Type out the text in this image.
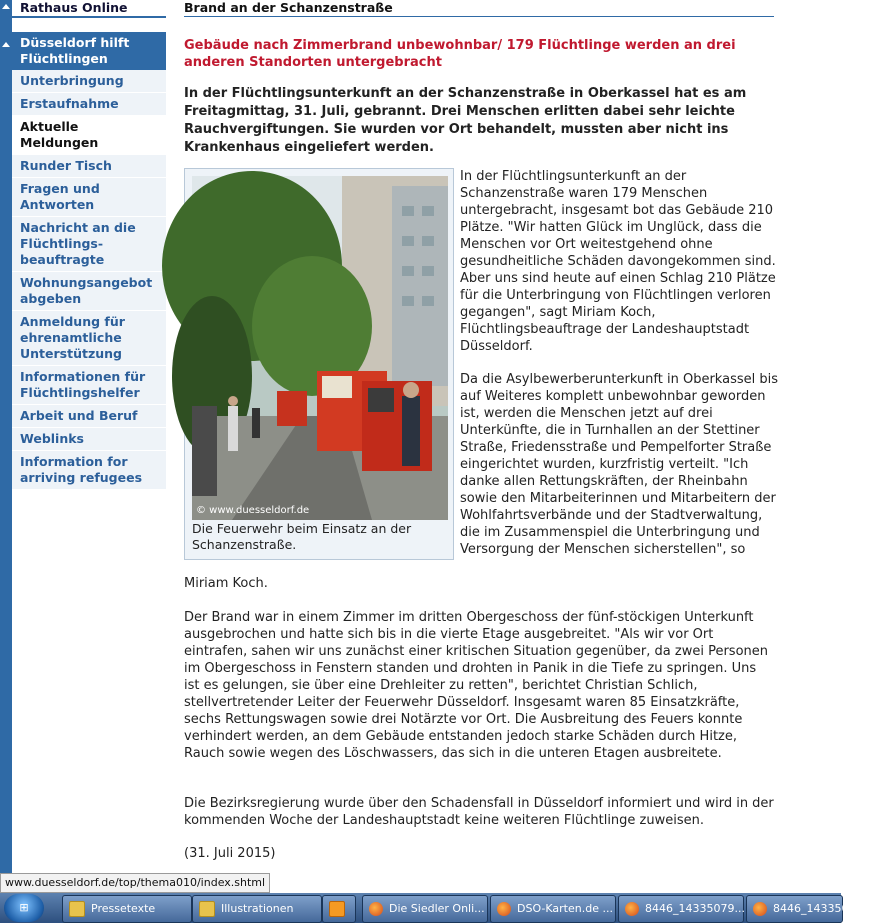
Rathaus Online
Düsseldorf hilft Flüchtlingen
Unterbringung
Erstaufnahme
Aktuelle Meldungen
Runder Tisch
Fragen und Antworten
Nachricht an die Flüchtlings-beauftragte
Wohnungsangebot abgeben
Anmeldung für ehrenamtliche Unterstützung
Informationen für Flüchtlingshelfer
Arbeit und Beruf
Weblinks
Information for arriving refugees
Brand an der Schanzenstraße
Gebäude nach Zimmerbrand unbewohnbar/ 179 Flüchtlinge werden an drei anderen Standorten untergebracht
In der Flüchtlingsunterkunft an der Schanzenstraße in Oberkassel hat es am Freitagmittag, 31. Juli, gebrannt. Drei Menschen erlitten dabei sehr leichte Rauchvergiftungen. Sie wurden vor Ort behandelt, mussten aber nicht ins Krankenhaus eingeliefert werden.
© www.duesseldorf.de
Die Feuerwehr beim Einsatz an der Schanzenstraße.
In der Flüchtlingsunterkunft an der Schanzenstraße waren 179 Menschen untergebracht, insgesamt bot das Gebäude 210 Plätze. "Wir hatten Glück im Unglück, dass die Menschen vor Ort weitestgehend ohne gesundheitliche Schäden davongekommen sind. Aber uns sind heute auf einen Schlag 210 Plätze für die Unterbringung von Flüchtlingen verloren gegangen", sagt Miriam Koch, Flüchtlingsbeauftrage der Landeshauptstadt Düsseldorf.
Da die Asylbewerberunterkunft in Oberkassel bis auf Weiteres komplett unbewohnbar geworden ist, werden die Menschen jetzt auf drei Unterkünfte, die in Turnhallen an der Stettiner Straße, Friedensstraße und Pempelforter Straße eingerichtet wurden, kurzfristig verteilt. "Ich danke allen Rettungskräften, der Rheinbahn sowie den Mitarbeiterinnen und Mitarbeitern der Wohlfahrtsverbände und der Stadtverwaltung, die im Zusammenspiel die Unterbringung und Versorgung der Menschen sicherstellen", so
Miriam Koch.
Der Brand war in einem Zimmer im dritten Obergeschoss der fünf-stöckigen Unterkunft ausgebrochen und hatte sich bis in die vierte Etage ausgebreitet. "Als wir vor Ort eintrafen, sahen wir uns zunächst einer kritischen Situation gegenüber, da zwei Personen im Obergeschoss in Fenstern standen und drohten in Panik in die Tiefe zu springen. Uns ist es gelungen, sie über eine Drehleiter zu retten", berichtet Christian Schlich, stellvertretender Leiter der Feuerwehr Düsseldorf. Insgesamt waren 85 Einsatzkräfte, sechs Rettungswagen sowie drei Notärzte vor Ort. Die Ausbreitung des Feuers konnte verhindert werden, an dem Gebäude entstanden jedoch starke Schäden durch Hitze, Rauch sowie wegen des Löschwassers, das sich in die unteren Etagen ausbreitete.
Die Bezirksregierung wurde über den Schadensfall in Düsseldorf informiert und wird in der kommenden Woche der Landeshauptstadt keine weiteren Flüchtlinge zuweisen.
(31. Juli 2015)
www.duesseldorf.de/top/thema010/index.shtml
⊞	Pressetexte	Illustrationen	Die Siedler Onli...	DSO-Karten.de ...	8446_14335079...	8446_14335079...
